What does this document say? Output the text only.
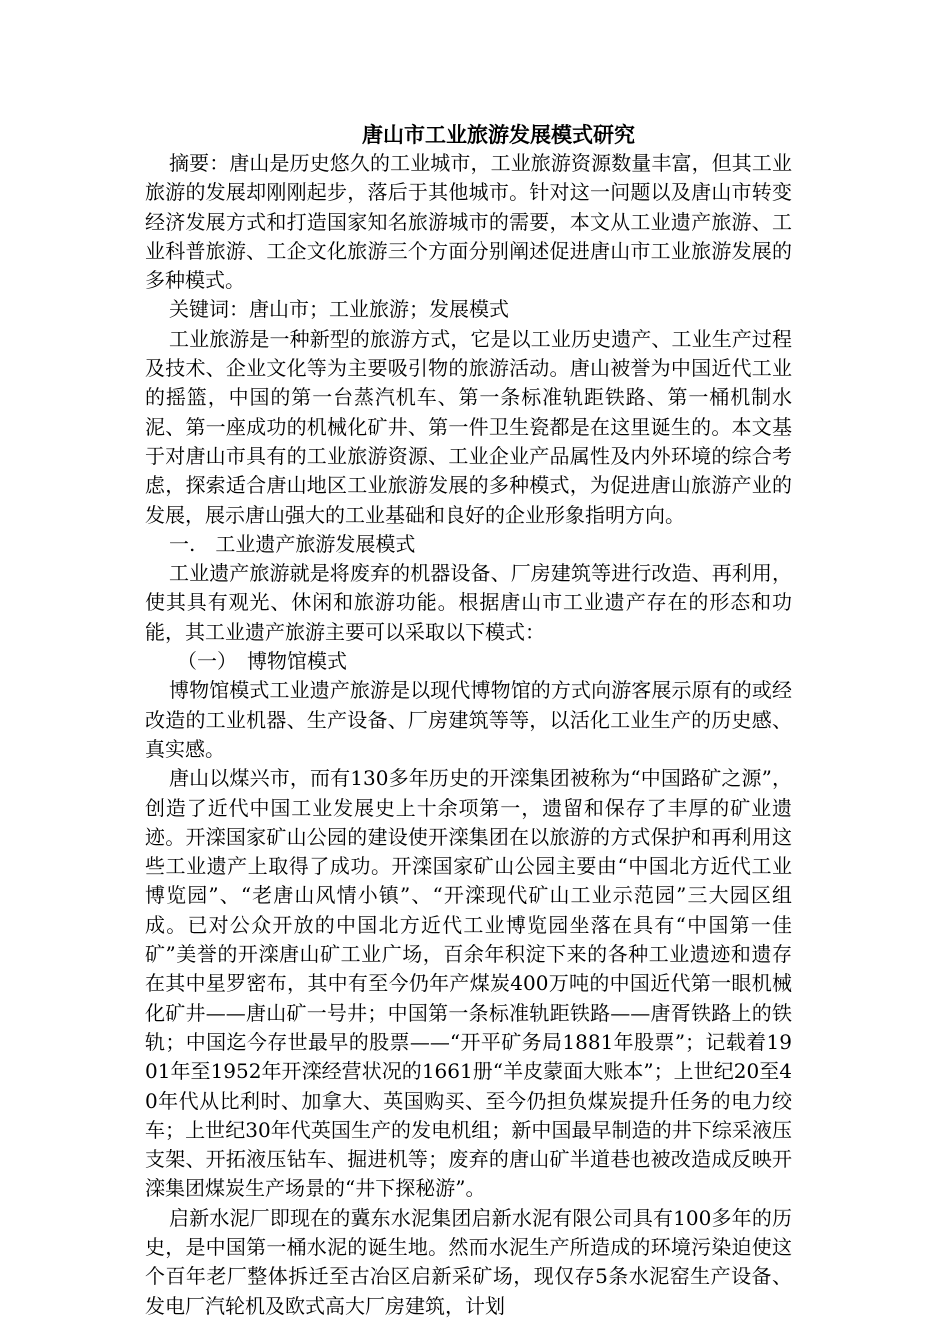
唐山市工业旅游发展模式研究

摘要：唐山是历史悠久的工业城市，工业旅游资源数量丰富，但其工业旅游的发展却刚刚起步，落后于其他城市。针对这一问题以及唐山市转变经济发展方式和打造国家知名旅游城市的需要，本文从工业遗产旅游、工业科普旅游、工企文化旅游三个方面分别阐述促进唐山市工业旅游发展的多种模式。

关键词：唐山市；工业旅游；发展模式

工业旅游是一种新型的旅游方式，它是以工业历史遗产、工业生产过程及技术、企业文化等为主要吸引物的旅游活动。唐山被誉为中国近代工业的摇篮，中国的第一台蒸汽机车、第一条标准轨距铁路、第一桶机制水泥、第一座成功的机械化矿井、第一件卫生瓷都是在这里诞生的。本文基于对唐山市具有的工业旅游资源、工业企业产品属性及内外环境的综合考虑，探索适合唐山地区工业旅游发展的多种模式，为促进唐山旅游产业的发展，展示唐山强大的工业基础和良好的企业形象指明方向。

一.　工业遗产旅游发展模式

工业遗产旅游就是将废弃的机器设备、厂房建筑等进行改造、再利用，使其具有观光、休闲和旅游功能。根据唐山市工业遗产存在的形态和功能，其工业遗产旅游主要可以采取以下模式：

（一）　博物馆模式

博物馆模式工业遗产旅游是以现代博物馆的方式向游客展示原有的或经改造的工业机器、生产设备、厂房建筑等等，以活化工业生产的历史感、真实感。

唐山以煤兴市，而有130多年历史的开滦集团被称为“中国路矿之源”，创造了近代中国工业发展史上十余项第一，遗留和保存了丰厚的矿业遗迹。开滦国家矿山公园的建设使开滦集团在以旅游的方式保护和再利用这些工业遗产上取得了成功。开滦国家矿山公园主要由“中国北方近代工业博览园”、“老唐山风情小镇”、“开滦现代矿山工业示范园”三大园区组成。已对公众开放的中国北方近代工业博览园坐落在具有“中国第一佳矿”美誉的开滦唐山矿工业广场，百余年积淀下来的各种工业遗迹和遗存在其中星罗密布，其中有至今仍年产煤炭400万吨的中国近代第一眼机械化矿井——唐山矿一号井；中国第一条标准轨距铁路——唐胥铁路上的铁轨；中国迄今存世最早的股票——“开平矿务局1881年股票”；记载着1901年至1952年开滦经营状况的1661册“羊皮蒙面大账本”；上世纪20至40年代从比利时、加拿大、英国购买、至今仍担负煤炭提升任务的电力绞车；上世纪30年代英国生产的发电机组；新中国最早制造的井下综采液压支架、开拓液压钻车、掘进机等；废弃的唐山矿半道巷也被改造成反映开滦集团煤炭生产场景的“井下探秘游”。

启新水泥厂即现在的冀东水泥集团启新水泥有限公司具有100多年的历史，是中国第一桶水泥的诞生地。然而水泥生产所造成的环境污染迫使这个百年老厂整体拆迁至古冶区启新采矿场，现仅存5条水泥窑生产设备、发电厂汽轮机及欧式高大厂房建筑，计划
